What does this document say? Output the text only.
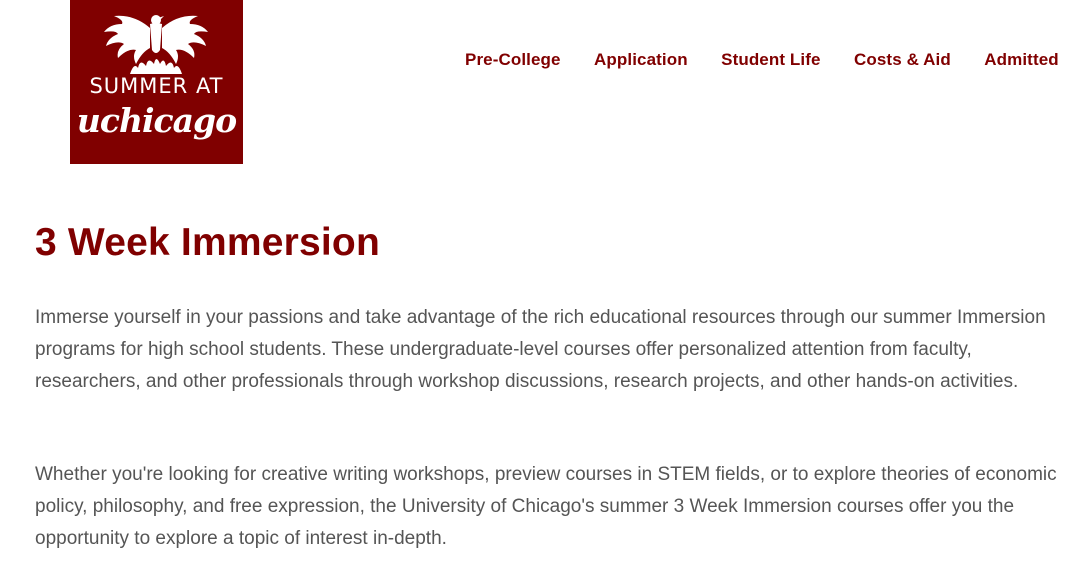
SUMMER AT
uchicago
Pre-College Application Student Life Costs & Aid Admitted
3 Week Immersion

Immerse yourself in your passions and take advantage of the rich educational resources through our summer Immersion programs for high school students. These undergraduate-level courses offer personalized attention from faculty, researchers, and other professionals through workshop discussions, research projects, and other hands-on activities.

Whether you're looking for creative writing workshops, preview courses in STEM fields, or to explore theories of economic policy, philosophy, and free expression, the University of Chicago's summer 3 Week Immersion courses offer you the opportunity to explore a topic of interest in-depth.
